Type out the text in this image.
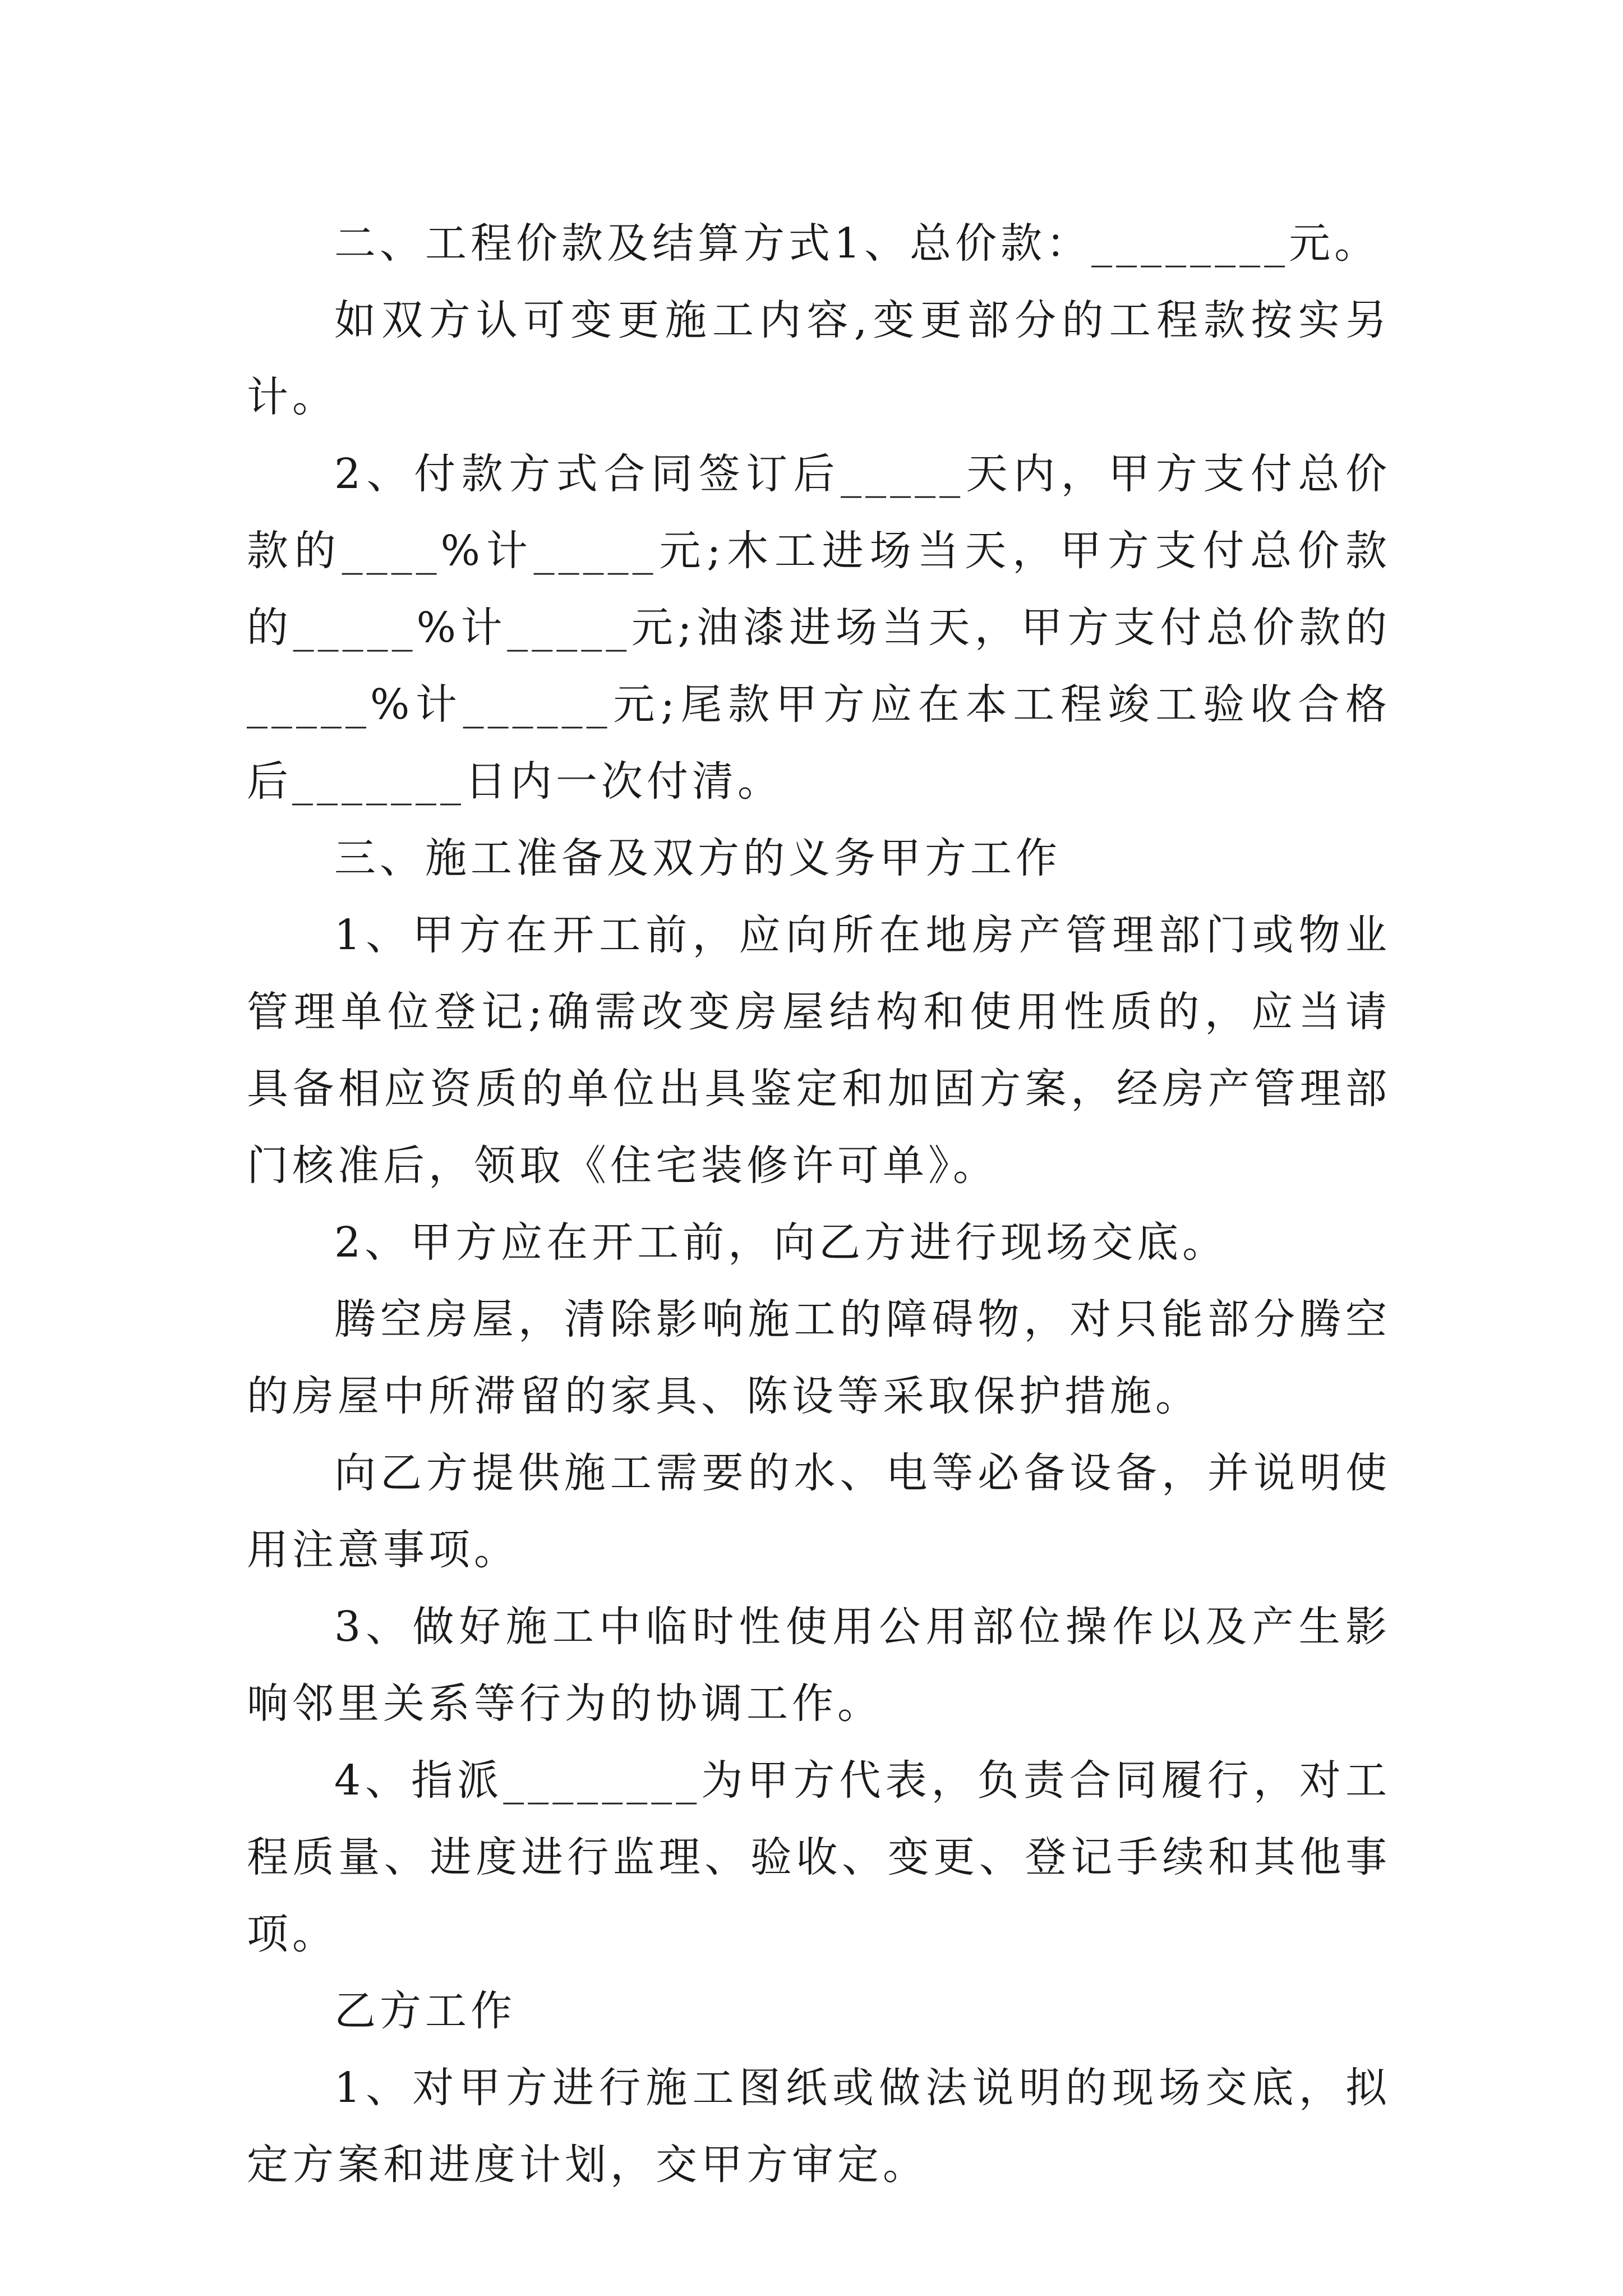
二、工程价款及结算方式1、总价款：________元。

如双方认可变更施工内容,变更部分的工程款按实另计。

2、付款方式合同签订后_____天内，甲方支付总价款的____%计_____元;木工进场当天，甲方支付总价款的_____%计_____元;油漆进场当天，甲方支付总价款的_____%计______元;尾款甲方应在本工程竣工验收合格后_______日内一次付清。

三、施工准备及双方的义务甲方工作

1、甲方在开工前，应向所在地房产管理部门或物业管理单位登记;确需改变房屋结构和使用性质的，应当请具备相应资质的单位出具鉴定和加固方案，经房产管理部门核准后，领取《住宅装修许可单》。

2、甲方应在开工前，向乙方进行现场交底。

腾空房屋，清除影响施工的障碍物，对只能部分腾空的房屋中所滞留的家具、陈设等采取保护措施。

向乙方提供施工需要的水、电等必备设备，并说明使用注意事项。

3、做好施工中临时性使用公用部位操作以及产生影响邻里关系等行为的协调工作。

4、指派________为甲方代表，负责合同履行，对工程质量、进度进行监理、验收、变更、登记手续和其他事项。

乙方工作

1、对甲方进行施工图纸或做法说明的现场交底，拟定方案和进度计划，交甲方审定。
